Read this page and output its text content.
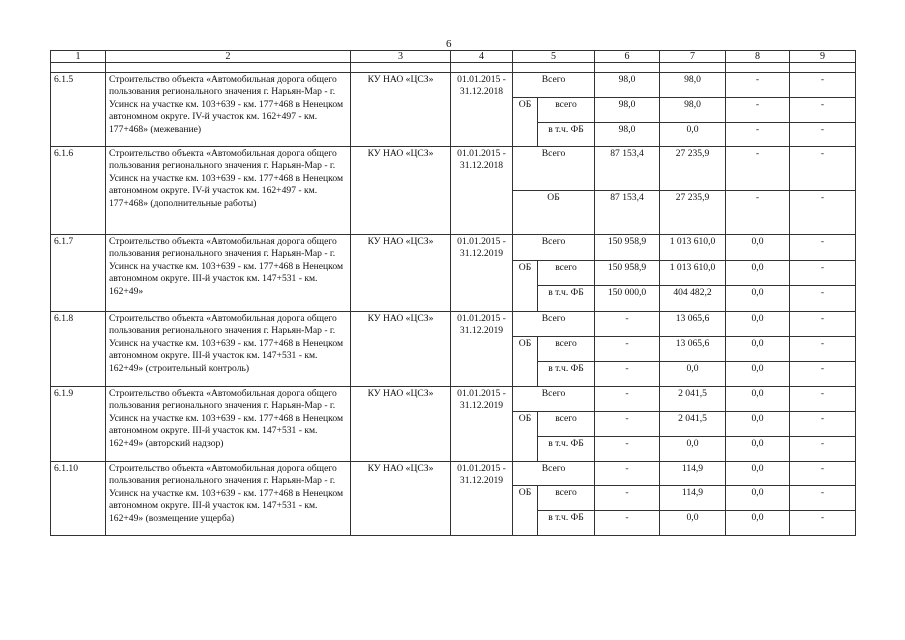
6
1	2	3	4	5		6	7	8	9

6.1.5	Строительство объекта «Автомобильная дорога общего пользования регионального значения г. Нарьян-Мар - г. Усинск на участке км. 103+639 - км. 177+468 в Ненецком автономном округе. IV-й участок км. 162+497 - км. 177+468» (межевание)	КУ НАО «ЦСЗ»	01.01.2015 - 31.12.2018	Всего		98,0	98,0	-	-
				ОБ	всего	98,0	98,0	-	-
					в т.ч. ФБ	98,0	0,0	-	-
6.1.6	Строительство объекта «Автомобильная дорога общего пользования регионального значения г. Нарьян-Мар - г. Усинск на участке км. 103+639 - км. 177+468 в Ненецком автономном округе. IV-й участок км. 162+497 - км. 177+468» (дополнительные работы)	КУ НАО «ЦСЗ»	01.01.2015 - 31.12.2018	Всего		87 153,4	27 235,9	-	-
				ОБ		87 153,4	27 235,9	-	-
6.1.7	Строительство объекта «Автомобильная дорога общего пользования регионального значения г. Нарьян-Мар - г. Усинск на участке км. 103+639 - км. 177+468 в Ненецком автономном округе. III-й участок км. 147+531 - км. 162+49»	КУ НАО «ЦСЗ»	01.01.2015 - 31.12.2019	Всего		150 958,9	1 013 610,0	0,0	-
				ОБ	всего	150 958,9	1 013 610,0	0,0	-
					в т.ч. ФБ	150 000,0	404 482,2	0,0	-
6.1.8	Строительство объекта «Автомобильная дорога общего пользования регионального значения г. Нарьян-Мар - г. Усинск на участке км. 103+639 - км. 177+468 в Ненецком автономном округе. III-й участок км. 147+531 - км. 162+49» (строительный контроль)	КУ НАО «ЦСЗ»	01.01.2015 - 31.12.2019	Всего		-	13 065,6	0,0	-
				ОБ	всего	-	13 065,6	0,0	-
					в т.ч. ФБ	-	0,0	0,0	-
6.1.9	Строительство объекта «Автомобильная дорога общего пользования регионального значения г. Нарьян-Мар - г. Усинск на участке км. 103+639 - км. 177+468 в Ненецком автономном округе. III-й участок км. 147+531 - км. 162+49» (авторский надзор)	КУ НАО «ЦСЗ»	01.01.2015 - 31.12.2019	Всего		-	2 041,5	0,0	-
				ОБ	всего	-	2 041,5	0,0	-
					в т.ч. ФБ	-	0,0	0,0	-
6.1.10	Строительство объекта «Автомобильная дорога общего пользования регионального значения г. Нарьян-Мар - г. Усинск на участке км. 103+639 - км. 177+468 в Ненецком автономном округе. III-й участок км. 147+531 - км. 162+49» (возмещение ущерба)	КУ НАО «ЦСЗ»	01.01.2015 - 31.12.2019	Всего		-	114,9	0,0	-
				ОБ	всего	-	114,9	0,0	-
					в т.ч. ФБ	-	0,0	0,0	-
